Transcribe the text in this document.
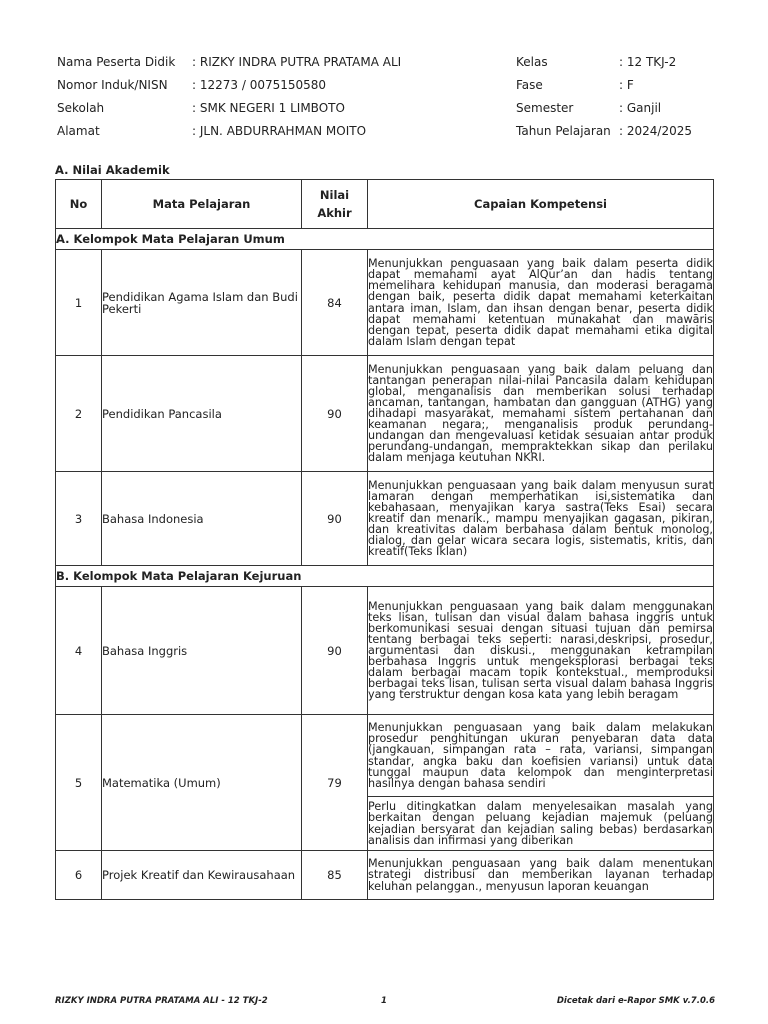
Nama Peserta Didik : RIZKY INDRA PUTRA PRATAMA ALI
Nomor Induk/NISN : 12273 / 0075150580
Sekolah	: SMK NEGERI 1 LIMBOTO
Alamat	: JLN. ABDURRAHMAN MOITO
Kelas	: 12 TKJ-2
Fase	: F
Semester	: Ganjil
Tahun Pelajaran : 2024/2025
A. Nilai Akademik
No	Mata Pelajaran	Nilai Akhir	Capaian Kompetensi
A. Kelompok Mata Pelajaran Umum			
1	Pendidikan Agama Islam dan Budi Pekerti	84	Menunjukkan penguasaan yang baik dalam peserta didik dapat memahami ayat AlQur’an dan hadis tentang memelihara kehidupan manusia, dan moderasi beragama dengan baik, peserta didik dapat memahami keterkaitan antara iman, Islam, dan ihsan dengan benar, peserta didik dapat memahami ketentuan munakahat dan mawāris dengan tepat, peserta didik dapat memahami etika digital dalam Islam dengan tepat
2	Pendidikan Pancasila	90	Menunjukkan penguasaan yang baik dalam peluang dan tantangan penerapan nilai-nilai Pancasila dalam kehidupan global, menganalisis dan memberikan solusi terhadap ancaman, tantangan, hambatan dan gangguan (ATHG) yang dihadapi masyarakat, memahami sistem pertahanan dan keamanan negara;, menganalisis produk perundang-undangan dan mengevaluasi ketidak sesuaian antar produk perundang-undangan, mempraktekkan sikap dan perilaku dalam menjaga keutuhan NKRI.
3	Bahasa Indonesia	90	Menunjukkan penguasaan yang baik dalam menyusun surat lamaran dengan memperhatikan isi,sistematika dan kebahasaan, menyajikan karya sastra(Teks Esai) secara kreatif dan menarik., mampu menyajikan gagasan, pikiran, dan kreativitas dalam berbahasa dalam bentuk monolog, dialog, dan gelar wicara secara logis, sistematis, kritis, dan kreatif(Teks Iklan)
B. Kelompok Mata Pelajaran Kejuruan			
4	Bahasa Inggris	90	Menunjukkan penguasaan yang baik dalam menggunakan teks lisan, tulisan dan visual dalam bahasa inggris untuk berkomunikasi sesuai dengan situasi tujuan dan pemirsa tentang berbagai teks seperti: narasi,deskripsi, prosedur, argumentasi dan diskusi., menggunakan ketrampilan berbahasa Inggris untuk mengeksplorasi berbagai teks dalam berbagai macam topik kontekstual., memproduksi berbagai teks lisan, tulisan serta visual dalam bahasa Inggris yang terstruktur dengan kosa kata yang lebih beragam
5	Matematika (Umum)	79	Menunjukkan penguasaan yang baik dalam melakukan prosedur penghitungan ukuran penyebaran data data (jangkauan, simpangan rata – rata, variansi, simpangan standar, angka baku dan koefisien variansi) untuk data tunggal maupun data kelompok dan menginterpretasi hasilnya dengan bahasa sendiri
			Perlu ditingkatkan dalam menyelesaikan masalah yang berkaitan dengan peluang kejadian majemuk (peluang kejadian bersyarat dan kejadian saling bebas) berdasarkan analisis dan infirmasi yang diberikan
6	Projek Kreatif dan Kewirausahaan	85	Menunjukkan penguasaan yang baik dalam menentukan strategi distribusi dan memberikan layanan terhadap keluhan pelanggan., menyusun laporan keuangan
RIZKY INDRA PUTRA PRATAMA ALI - 12 TKJ-2	1	Dicetak dari e-Rapor SMK v.7.0.6
